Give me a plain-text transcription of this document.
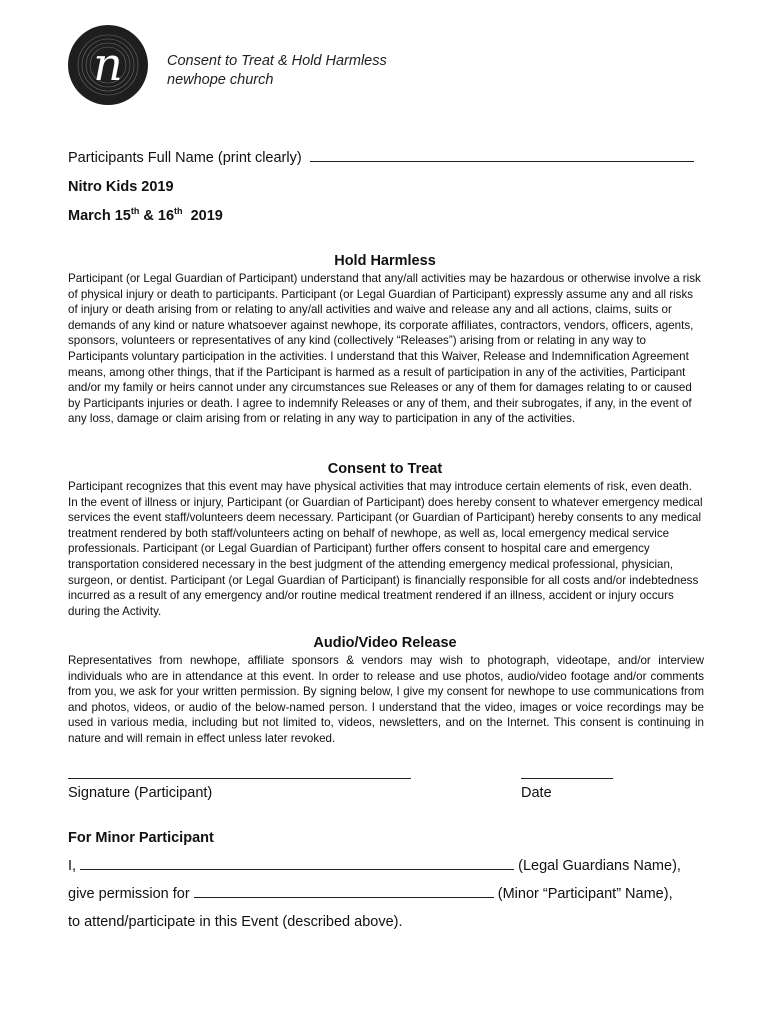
n	Consent to Treat & Hold Harmless
newhope church
Participants Full Name (print clearly)
Nitro Kids 2019
March 15th & 16th  2019
Hold Harmless
Participant (or Legal Guardian of Participant) understand that any/all activities may be hazardous or otherwise involve a risk of physical injury or death to participants. Participant (or Legal Guardian of Participant) expressly assume any and all risks of injury or death arising from or relating to any/all activities and waive and release any and all actions, claims, suits or demands of any kind or nature whatsoever against newhope, its corporate affiliates, contractors, vendors, officers, agents, sponsors, volunteers or representatives of any kind (collectively “Releases”) arising from or relating in any way to Participants voluntary participation in the activities. I understand that this Waiver, Release and Indemnification Agreement means, among other things, that if the Participant is harmed as a result of participation in any of the activities, Participant and/or my family or heirs cannot under any circumstances sue Releases or any of them for damages relating to or caused by Participants injuries or death. I agree to indemnify Releases or any of them, and their subrogates, if any, in the event of any loss, damage or claim arising from or relating in any way to participation in any of the activities.
Consent to Treat
Participant recognizes that this event may have physical activities that may introduce certain elements of risk, even death. In the event of illness or injury, Participant (or Guardian of Participant) does hereby consent to whatever emergency medical services the event staff/volunteers deem necessary. Participant (or Guardian of Participant) hereby consents to any medical treatment rendered by both staff/volunteers acting on behalf of newhope, as well as, local emergency medical service professionals. Participant (or Legal Guardian of Participant) further offers consent to hospital care and emergency transportation considered necessary in the best judgment of the attending emergency medical professional, physician, surgeon, or dentist. Participant (or Legal Guardian of Participant) is financially responsible for all costs and/or indebtedness incurred as a result of any emergency and/or routine medical treatment rendered if an illness, accident or injury occurs during the Activity.
Audio/Video Release
Representatives from newhope, affiliate sponsors & vendors may wish to photograph, videotape, and/or interview individuals who are in attendance at this event. In order to release and use photos, audio/video footage and/or comments from you, we ask for your written permission. By signing below, I give my consent for newhope to use communications from and photos, videos, or audio of the below-named person. I understand that the video, images or voice recordings may be used in various media, including but not limited to, videos, newsletters, and on the Internet. This consent is continuing in nature and will remain in effect unless later revoked.
Signature (Participant)	Date
For Minor Participant
I,	(Legal Guardians Name),
give permission for	(Minor “Participant” Name),
to attend/participate in this Event (described above).
